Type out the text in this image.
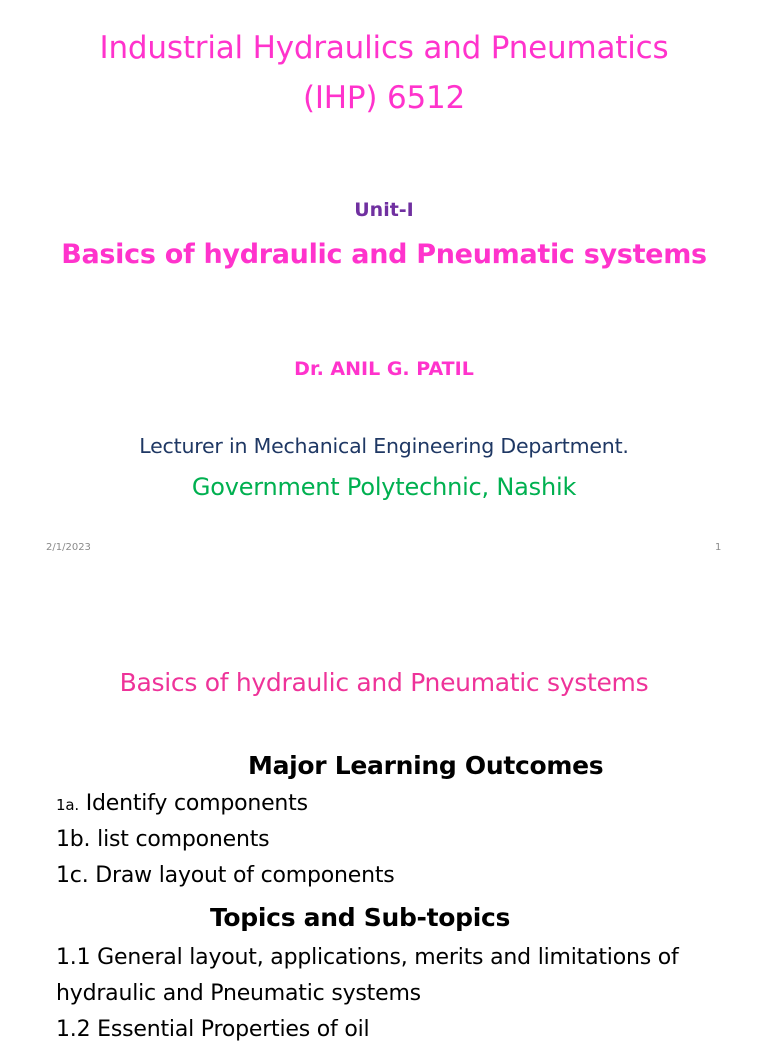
Industrial Hydraulics and Pneumatics
(IHP) 6512
Unit-I
Basics of hydraulic and Pneumatic systems
Dr. ANIL G. PATIL
Lecturer in Mechanical Engineering Department.
Government Polytechnic, Nashik
2/1/2023	1
Basics of hydraulic and Pneumatic systems
Major Learning Outcomes
1a. Identify components
1b. list components
1c. Draw layout of components
Topics and Sub-topics
1.1 General layout, applications, merits and limitations of hydraulic and Pneumatic systems
1.2 Essential Properties of oil
